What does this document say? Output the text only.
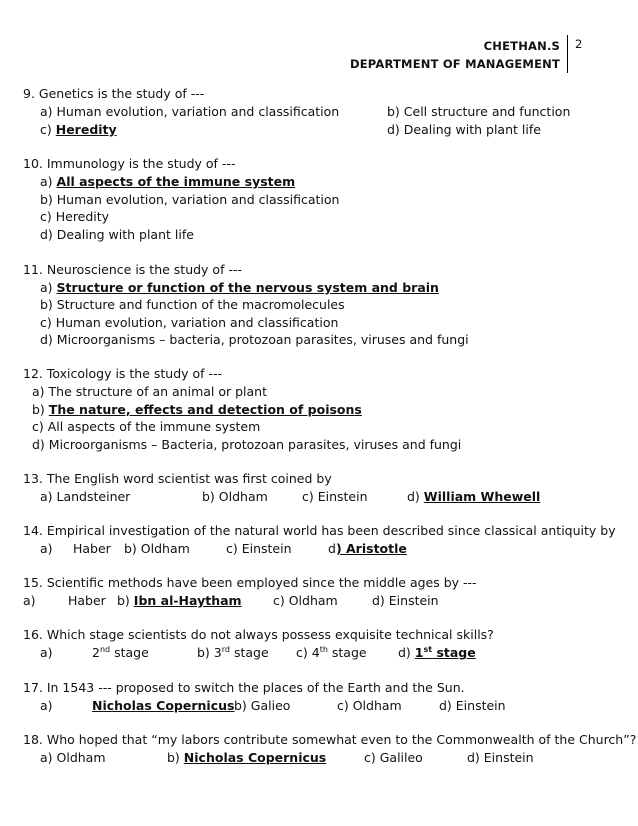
CHETHAN.S
DEPARTMENT OF MANAGEMENT
2
9. Genetics is the study of ---
a) Human evolution, variation and classification	b) Cell structure and function
c) Heredity	d) Dealing with plant life
10. Immunology is the study of ---
a) All aspects of the immune system
b) Human evolution, variation and classification
c) Heredity
d) Dealing with plant life
11. Neuroscience is the study of ---
a) Structure or function of the nervous system and brain
b) Structure and function of the macromolecules
c) Human evolution, variation and classification
d) Microorganisms – bacteria, protozoan parasites, viruses and fungi
12. Toxicology is the study of ---
a) The structure of an animal or plant
b) The nature, effects and detection of poisons
c) All aspects of the immune system
d) Microorganisms – Bacteria, protozoan parasites, viruses and fungi
13. The English word scientist was first coined by
a) Landsteiner	b) Oldham	c) Einstein	d) William Whewell
14. Empirical investigation of the natural world has been described since classical antiquity by
a) Haber b) Oldham	c) Einstein	d) Aristotle
15. Scientific methods have been employed since the middle ages by ---
a)	Haber b) Ibn al-Haytham	c) Oldham	d) Einstein
16. Which stage scientists do not always possess exquisite technical skills?
a)	2nd stage	b) 3rd stage c) 4th stage	d) 1st stage
17. In 1543 --- proposed to switch the places of the Earth and the Sun.
a)	Nicholas Copernicus b) Galieo	c) Oldham	d) Einstein
18. Who hoped that “my labors contribute somewhat even to the Commonwealth of the Church”?
a) Oldham	b) Nicholas Copernicus	c) Galileo	d) Einstein
